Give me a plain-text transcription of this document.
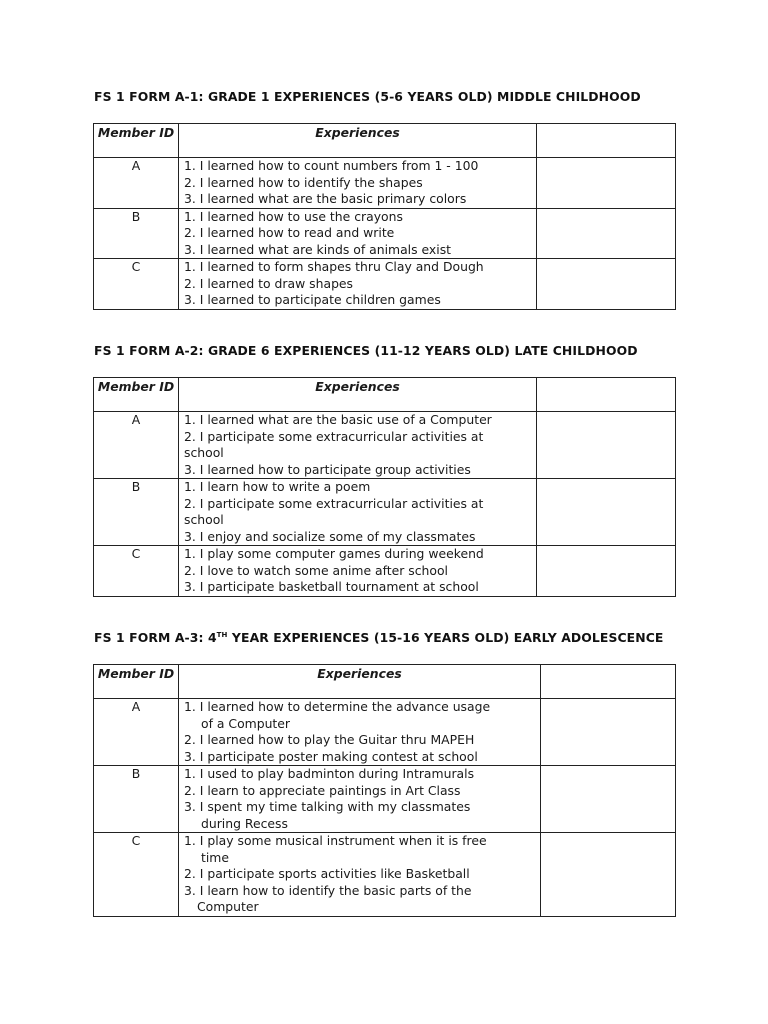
FS 1 FORM A-1: GRADE 1 EXPERIENCES (5-6 YEARS OLD) MIDDLE CHILDHOOD
Member ID	Experiences	
A	1. I learned how to count numbers from 1 - 100
2. I learned how to identify the shapes
3. I learned what are the basic primary colors	

B	1. I learned how to use the crayons
2. I learned how to read and write
3. I learned what are kinds of animals exist	

C	1. I learned to form shapes thru Clay and Dough
2. I learned to draw shapes
3. I learned to participate children games	

FS 1 FORM A-2: GRADE 6 EXPERIENCES (11-12 YEARS OLD) LATE CHILDHOOD
Member ID	Experiences	
A	1. I learned what are the basic use of a Computer
2. I participate some extracurricular activities at
school
3. I learned how to participate group activities	

B	1. I learn how to write a poem
2. I participate some extracurricular activities at
school
3. I enjoy and socialize some of my classmates	

C	1. I play some computer games during weekend
2. I love to watch some anime after school
3. I participate basketball tournament at school	

FS 1 FORM A-3: 4TH YEAR EXPERIENCES (15-16 YEARS OLD) EARLY ADOLESCENCE
Member ID	Experiences	
A	1. I learned how to determine the advance usage
of a Computer
2. I learned how to play the Guitar thru MAPEH
3. I participate poster making contest at school	

B	1. I used to play badminton during Intramurals
2. I learn to appreciate paintings in Art Class
3. I spent my time talking with my classmates
during Recess	

C	1. I play some musical instrument when it is free
time
2. I participate sports activities like Basketball
3. I learn how to identify the basic parts of the
Computer	
